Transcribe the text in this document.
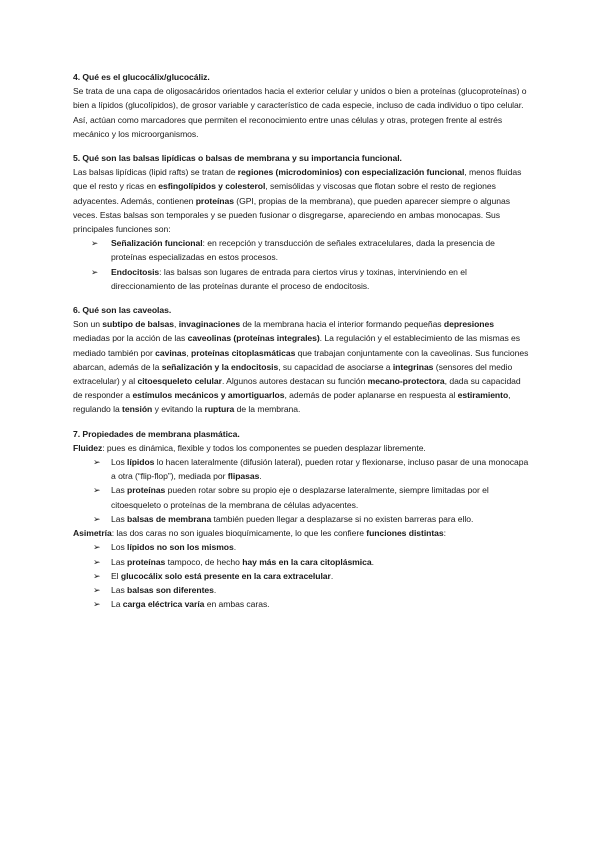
4. Qué es el glucocálix/glucocáliz.

Se trata de una capa de oligosacáridos orientados hacia el exterior celular y unidos o bien a proteínas (glucoproteínas) o bien a lípidos (glucolípidos), de grosor variable y característico de cada especie, incluso de cada individuo o tipo celular. Así, actúan como marcadores que permiten el reconocimiento entre unas células y otras, protegen frente al estrés mecánico y los microorganismos.

5. Qué son las balsas lipídicas o balsas de membrana y su importancia funcional.

Las balsas lipídicas (lipid rafts) se tratan de regiones (microdominios) con especialización funcional, menos fluidas que el resto y ricas en esfingolípidos y colesterol, semisólidas y viscosas que flotan sobre el resto de regiones adyacentes. Además, contienen proteínas (GPI, propias de la membrana), que pueden aparecer siempre o algunas veces. Estas balsas son temporales y se pueden fusionar o disgregarse, apareciendo en ambas monocapas. Sus principales funciones son:

➢ Señalización funcional: en recepción y transducción de señales extracelulares, dada la presencia de proteínas especializadas en estos procesos.
➢ Endocitosis: las balsas son lugares de entrada para ciertos virus y toxinas, interviniendo en el direccionamiento de las proteínas durante el proceso de endocitosis.

6. Qué son las caveolas.

Son un subtipo de balsas, invaginaciones de la membrana hacia el interior formando pequeñas depresiones mediadas por la acción de las caveolinas (proteínas integrales). La regulación y el establecimiento de las mismas es mediado también por cavinas, proteínas citoplasmáticas que trabajan conjuntamente con la caveolinas. Sus funciones abarcan, además de la señalización y la endocitosis, su capacidad de asociarse a integrinas (sensores del medio extracelular) y al citoesqueleto celular. Algunos autores destacan su función mecano-protectora, dada su capacidad de responder a estímulos mecánicos y amortiguarlos, además de poder aplanarse en respuesta al estiramiento, regulando la tensión y evitando la ruptura de la membrana.

7. Propiedades de membrana plasmática.

Fluidez: pues es dinámica, flexible y todos los componentes se pueden desplazar libremente.

➢ Los lípidos lo hacen lateralmente (difusión lateral), pueden rotar y flexionarse, incluso pasar de una monocapa a otra (“flip-flop”), mediada por flipasas.
➢ Las proteínas pueden rotar sobre su propio eje o desplazarse lateralmente, siempre limitadas por el citoesqueleto o proteínas de la membrana de células adyacentes.
➢ Las balsas de membrana también pueden llegar a desplazarse si no existen barreras para ello.

Asimetría: las dos caras no son iguales bioquímicamente, lo que les confiere funciones distintas:

➢ Los lípidos no son los mismos.
➢ Las proteínas tampoco, de hecho hay más en la cara citoplásmica.
➢ El glucocálix solo está presente en la cara extracelular.
➢ Las balsas son diferentes.
➢ La carga eléctrica varía en ambas caras.
